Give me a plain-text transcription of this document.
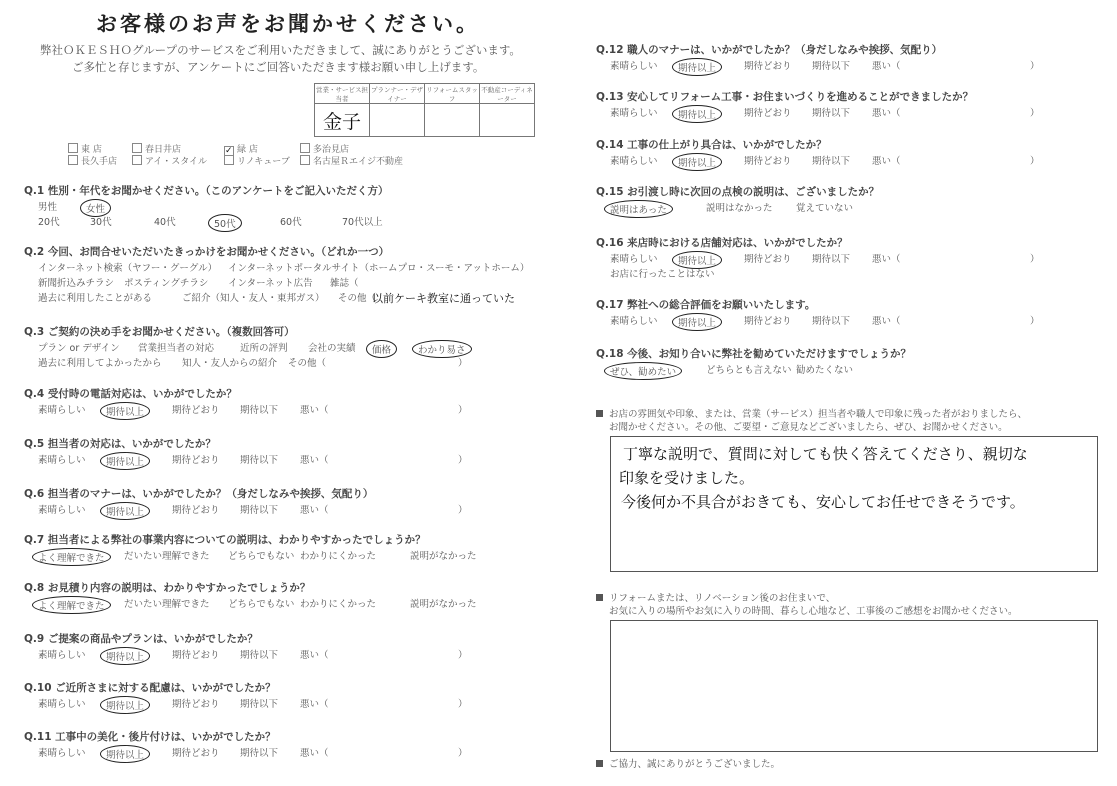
お客様のお声をお聞かせください。
弊社ＯＫＥＳＨＯグループのサービスをご利用いただきまして、誠にありがとうございます。
ご多忙と存じますが、アンケートにご回答いただきます様お願い申し上げます。
営業・サービス担当者	プランナー・デザイナー	リフォームスタッフ	不動産コーディネーター
金子			
東 店	春日井店	✓ 緑 店	多治見店
長久手店	アイ・スタイル	リノキューブ	名古屋Ｒエイジ不動産
Q.1 性別・年代をお聞かせください。（このアンケートをご記入いただく方）
男性	女性
20代	30代	40代	50代	60代	70代以上
Q.2 今回、お問合せいただいたきっかけをお聞かせください。（どれか一つ）
インターネット検索（ヤフー・グーグル） インターネットポータルサイト（ホームプロ・スーモ・アットホーム）
新聞折込みチラシ ポスティングチラシ インターネット広告 雑誌（
過去に利用したことがある	ご紹介（知人・友人・東邦ガス） その他（
Q.3 ご契約の決め手をお聞かせください。（複数回答可）
プラン or デザイン 営業担当者の対応	近所の評判 会社の実績	価格	わかり易さ
過去に利用してよかったから 知人・友人からの紹介 その他（	）
Q.4 受付時の電話対応は、いかがでしたか？
素晴らしい	期待以上	期待どおり 期待以下 悪い（	）
Q.5 担当者の対応は、いかがでしたか？
素晴らしい	期待以上	期待どおり 期待以下 悪い（	）
Q.6 担当者のマナーは、いかがでしたか？（身だしなみや挨拶、気配り）
素晴らしい	期待以上	期待どおり 期待以下 悪い（	）
Q.7 担当者による弊社の事業内容についての説明は、わかりやすかったでしょうか？
よく理解できた	だいたい理解できた どちらでもない わかりにくかった	説明がなかった
Q.8 お見積り内容の説明は、わかりやすかったでしょうか？
よく理解できた	だいたい理解できた どちらでもない わかりにくかった	説明がなかった
Q.9 ご提案の商品やプランは、いかがでしたか？
素晴らしい	期待以上	期待どおり 期待以下 悪い（	）
Q.10 ご近所さまに対する配慮は、いかがでしたか？
素晴らしい	期待以上	期待どおり 期待以下 悪い（	）
Q.11 工事中の美化・後片付けは、いかがでしたか？
素晴らしい	期待以上	期待どおり 期待以下 悪い（	）
Q.12 職人のマナーは、いかがでしたか？（身だしなみや挨拶、気配り）
素晴らしい	期待以上	期待どおり 期待以下 悪い（	）
Q.13 安心してリフォーム工事・お住まいづくりを進めることができましたか？
素晴らしい	期待以上	期待どおり 期待以下 悪い（	）
Q.14 工事の仕上がり具合は、いかがでしたか？
素晴らしい	期待以上	期待どおり 期待以下 悪い（	）
Q.15 お引渡し時に次回の点検の説明は、ございましたか？
説明はあった	説明はなかった 覚えていない
Q.16 来店時における店舗対応は、いかがでしたか？
素晴らしい	期待以上	期待どおり 期待以下 悪い（	）
お店に行ったことはない
Q.17 弊社への総合評価をお願いいたします。
素晴らしい	期待以上	期待どおり 期待以下 悪い（	）
Q.18 今後、お知り合いに弊社を勧めていただけますでしょうか？
ぜひ、勧めたい	どちらとも言えない 勧めたくない
以前ケーキ教室に通っていた
お店の雰囲気や印象、または、営業（サービス）担当者や職人で印象に残った者がおりましたら、
お聞かせください。その他、ご要望・ご意見などございましたら、ぜひ、お聞かせください。
丁寧な説明で、質問に対しても快く答えてくださり、親切な
印象を受けました。
今後何か不具合がおきても、安心してお任せできそうです。
リフォームまたは、リノベーション後のお住まいで、
お気に入りの場所やお気に入りの時間、暮らし心地など、工事後のご感想をお聞かせください。
ご協力、誠にありがとうございました。
